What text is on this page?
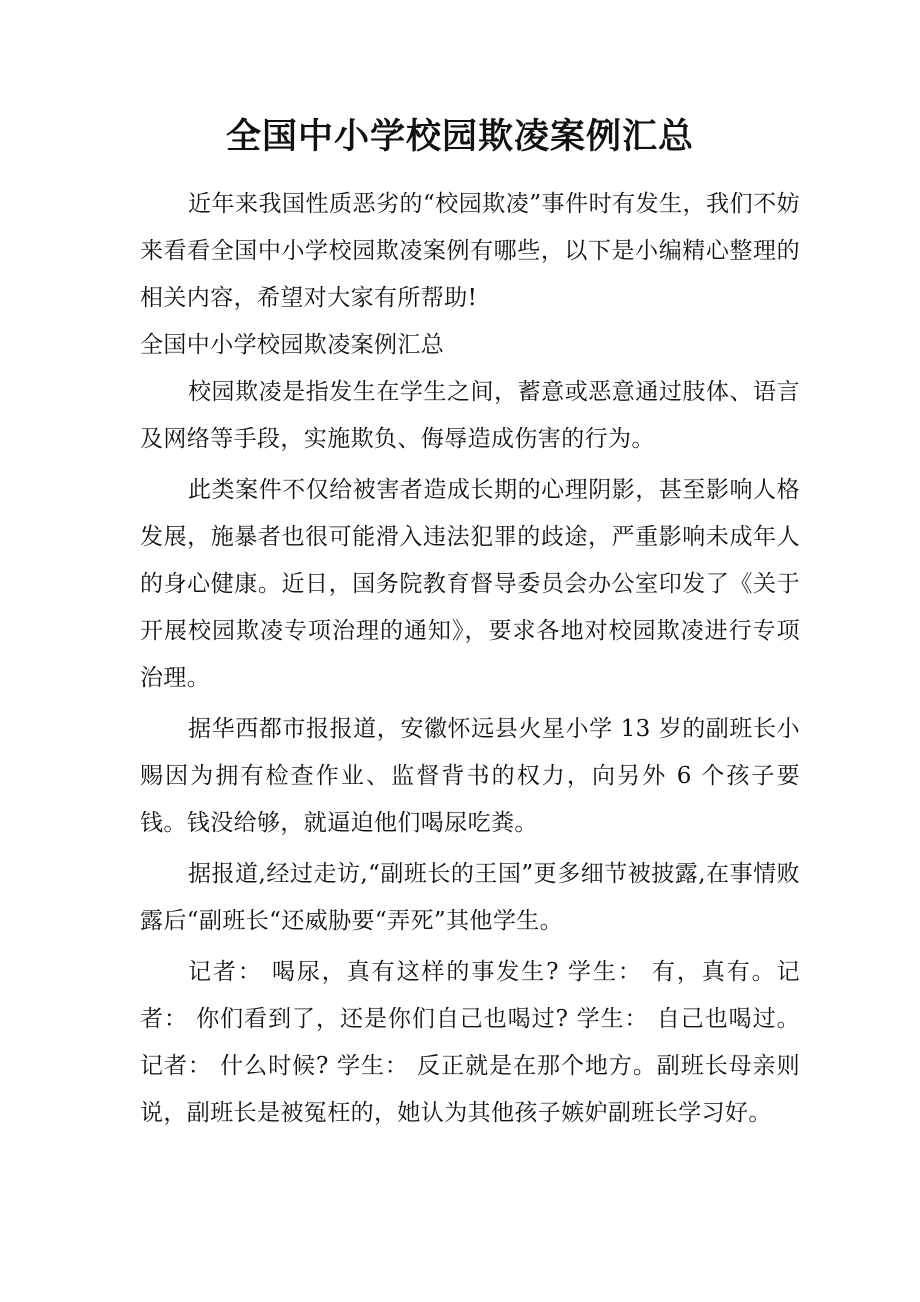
全国中小学校园欺凌案例汇总

近年来我国性质恶劣的“校园欺凌”事件时有发生，我们不妨来看看全国中小学校园欺凌案例有哪些，以下是小编精心整理的相关内容，希望对大家有所帮助!

全国中小学校园欺凌案例汇总

校园欺凌是指发生在学生之间，蓄意或恶意通过肢体、语言及网络等手段，实施欺负、侮辱造成伤害的行为。

此类案件不仅给被害者造成长期的心理阴影，甚至影响人格发展，施暴者也很可能滑入违法犯罪的歧途，严重影响未成年人的身心健康。近日，国务院教育督导委员会办公室印发了《关于开展校园欺凌专项治理的通知》，要求各地对校园欺凌进行专项治理。

据华西都市报报道，安徽怀远县火星小学 13 岁的副班长小赐因为拥有检查作业、监督背书的权力，向另外 6 个孩子要钱。钱没给够，就逼迫他们喝尿吃粪。

据报道,经过走访,“副班长的王国”更多细节被披露,在事情败露后“副班长“还威胁要“弄死”其他学生。

记者： 喝尿，真有这样的事发生? 学生： 有，真有。记者： 你们看到了，还是你们自己也喝过? 学生： 自己也喝过。 记者： 什么时候? 学生： 反正就是在那个地方。副班长母亲则说，副班长是被冤枉的，她认为其他孩子嫉妒副班长学习好。
